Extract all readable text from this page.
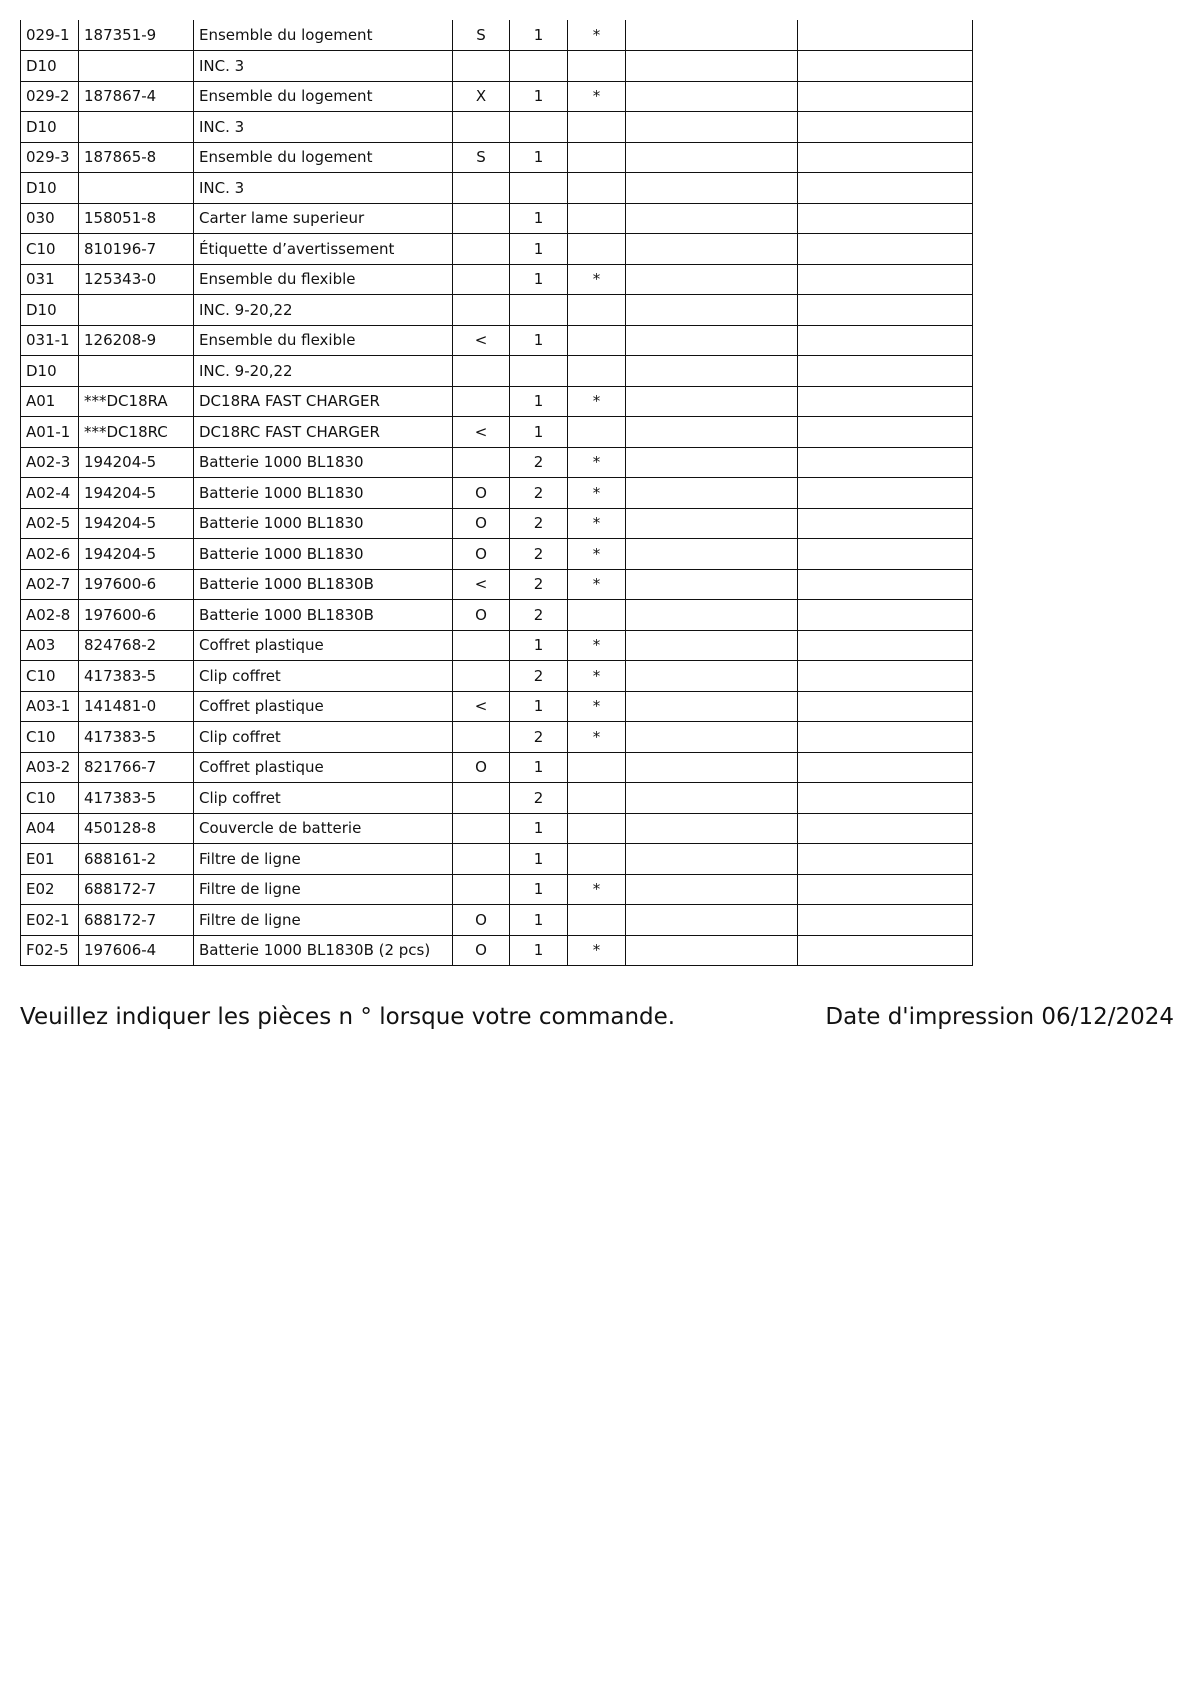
029-1	187351-9	Ensemble du logement	S	1	*		
D10		INC. 3					
029-2	187867-4	Ensemble du logement	X	1	*		
D10		INC. 3					
029-3	187865-8	Ensemble du logement	S	1			
D10		INC. 3					
030	158051-8	Carter lame superieur		1			
C10	810196-7	Étiquette d’avertissement		1			
031	125343-0	Ensemble du flexible		1	*		
D10		INC. 9-20,22					
031-1	126208-9	Ensemble du flexible	<	1			
D10		INC. 9-20,22					
A01	***DC18RA	DC18RA FAST CHARGER		1	*		
A01-1	***DC18RC	DC18RC FAST CHARGER	<	1			
A02-3	194204-5	Batterie 1000 BL1830		2	*		
A02-4	194204-5	Batterie 1000 BL1830	O	2	*		
A02-5	194204-5	Batterie 1000 BL1830	O	2	*		
A02-6	194204-5	Batterie 1000 BL1830	O	2	*		
A02-7	197600-6	Batterie 1000 BL1830B	<	2	*		
A02-8	197600-6	Batterie 1000 BL1830B	O	2			
A03	824768-2	Coffret plastique		1	*		
C10	417383-5	Clip coffret		2	*		
A03-1	141481-0	Coffret plastique	<	1	*		
C10	417383-5	Clip coffret		2	*		
A03-2	821766-7	Coffret plastique	O	1			
C10	417383-5	Clip coffret		2			
A04	450128-8	Couvercle de batterie		1			
E01	688161-2	Filtre de ligne		1			
E02	688172-7	Filtre de ligne		1	*		
E02-1	688172-7	Filtre de ligne	O	1			
F02-5	197606-4	Batterie 1000 BL1830B (2 pcs)	O	1	*		
Veuillez indiquer les pièces n ° lorsque votre commande.	Date d'impression 06/12/2024
